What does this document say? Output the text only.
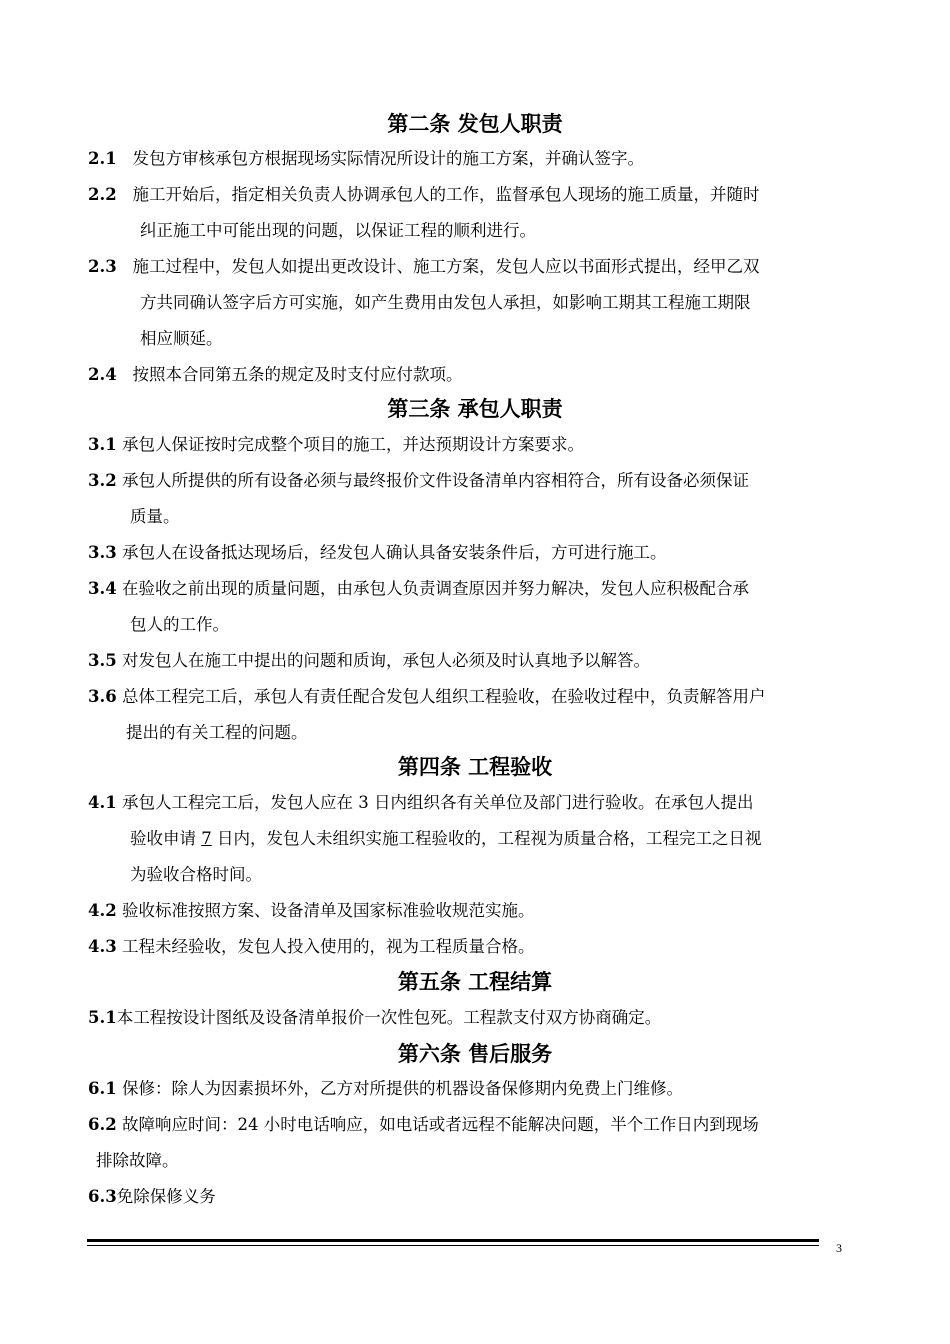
第二条 发包人职责

2.1 发包方审核承包方根据现场实际情况所设计的施工方案，并确认签字。

2.2 施工开始后，指定相关负责人协调承包人的工作，监督承包人现场的施工质量，并随时
纠正施工中可能出现的问题，以保证工程的顺利进行。

2.3 施工过程中，发包人如提出更改设计、施工方案，发包人应以书面形式提出，经甲乙双
方共同确认签字后方可实施，如产生费用由发包人承担，如影响工期其工程施工期限
相应顺延。

2.4 按照本合同第五条的规定及时支付应付款项。

第三条 承包人职责

3.1 承包人保证按时完成整个项目的施工，并达预期设计方案要求。

3.2 承包人所提供的所有设备必须与最终报价文件设备清单内容相符合，所有设备必须保证
质量。

3.3 承包人在设备抵达现场后，经发包人确认具备安装条件后，方可进行施工。

3.4 在验收之前出现的质量问题，由承包人负责调查原因并努力解决，发包人应积极配合承
包人的工作。

3.5 对发包人在施工中提出的问题和质询，承包人必须及时认真地予以解答。

3.6 总体工程完工后，承包人有责任配合发包人组织工程验收，在验收过程中，负责解答用户
提出的有关工程的问题。

第四条 工程验收

4.1 承包人工程完工后，发包人应在 3 日内组织各有关单位及部门进行验收。在承包人提出
验收申请 7 日内，发包人未组织实施工程验收的，工程视为质量合格，工程完工之日视
为验收合格时间。

4.2 验收标准按照方案、设备清单及国家标准验收规范实施。

4.3 工程未经验收，发包人投入使用的，视为工程质量合格。

第五条 工程结算

5.1本工程按设计图纸及设备清单报价一次性包死。工程款支付双方协商确定。

第六条 售后服务

6.1 保修：除人为因素损坏外，乙方对所提供的机器设备保修期内免费上门维修。

6.2 故障响应时间：24 小时电话响应，如电话或者远程不能解决问题，半个工作日内到现场
排除故障。

6.3免除保修义务

3
